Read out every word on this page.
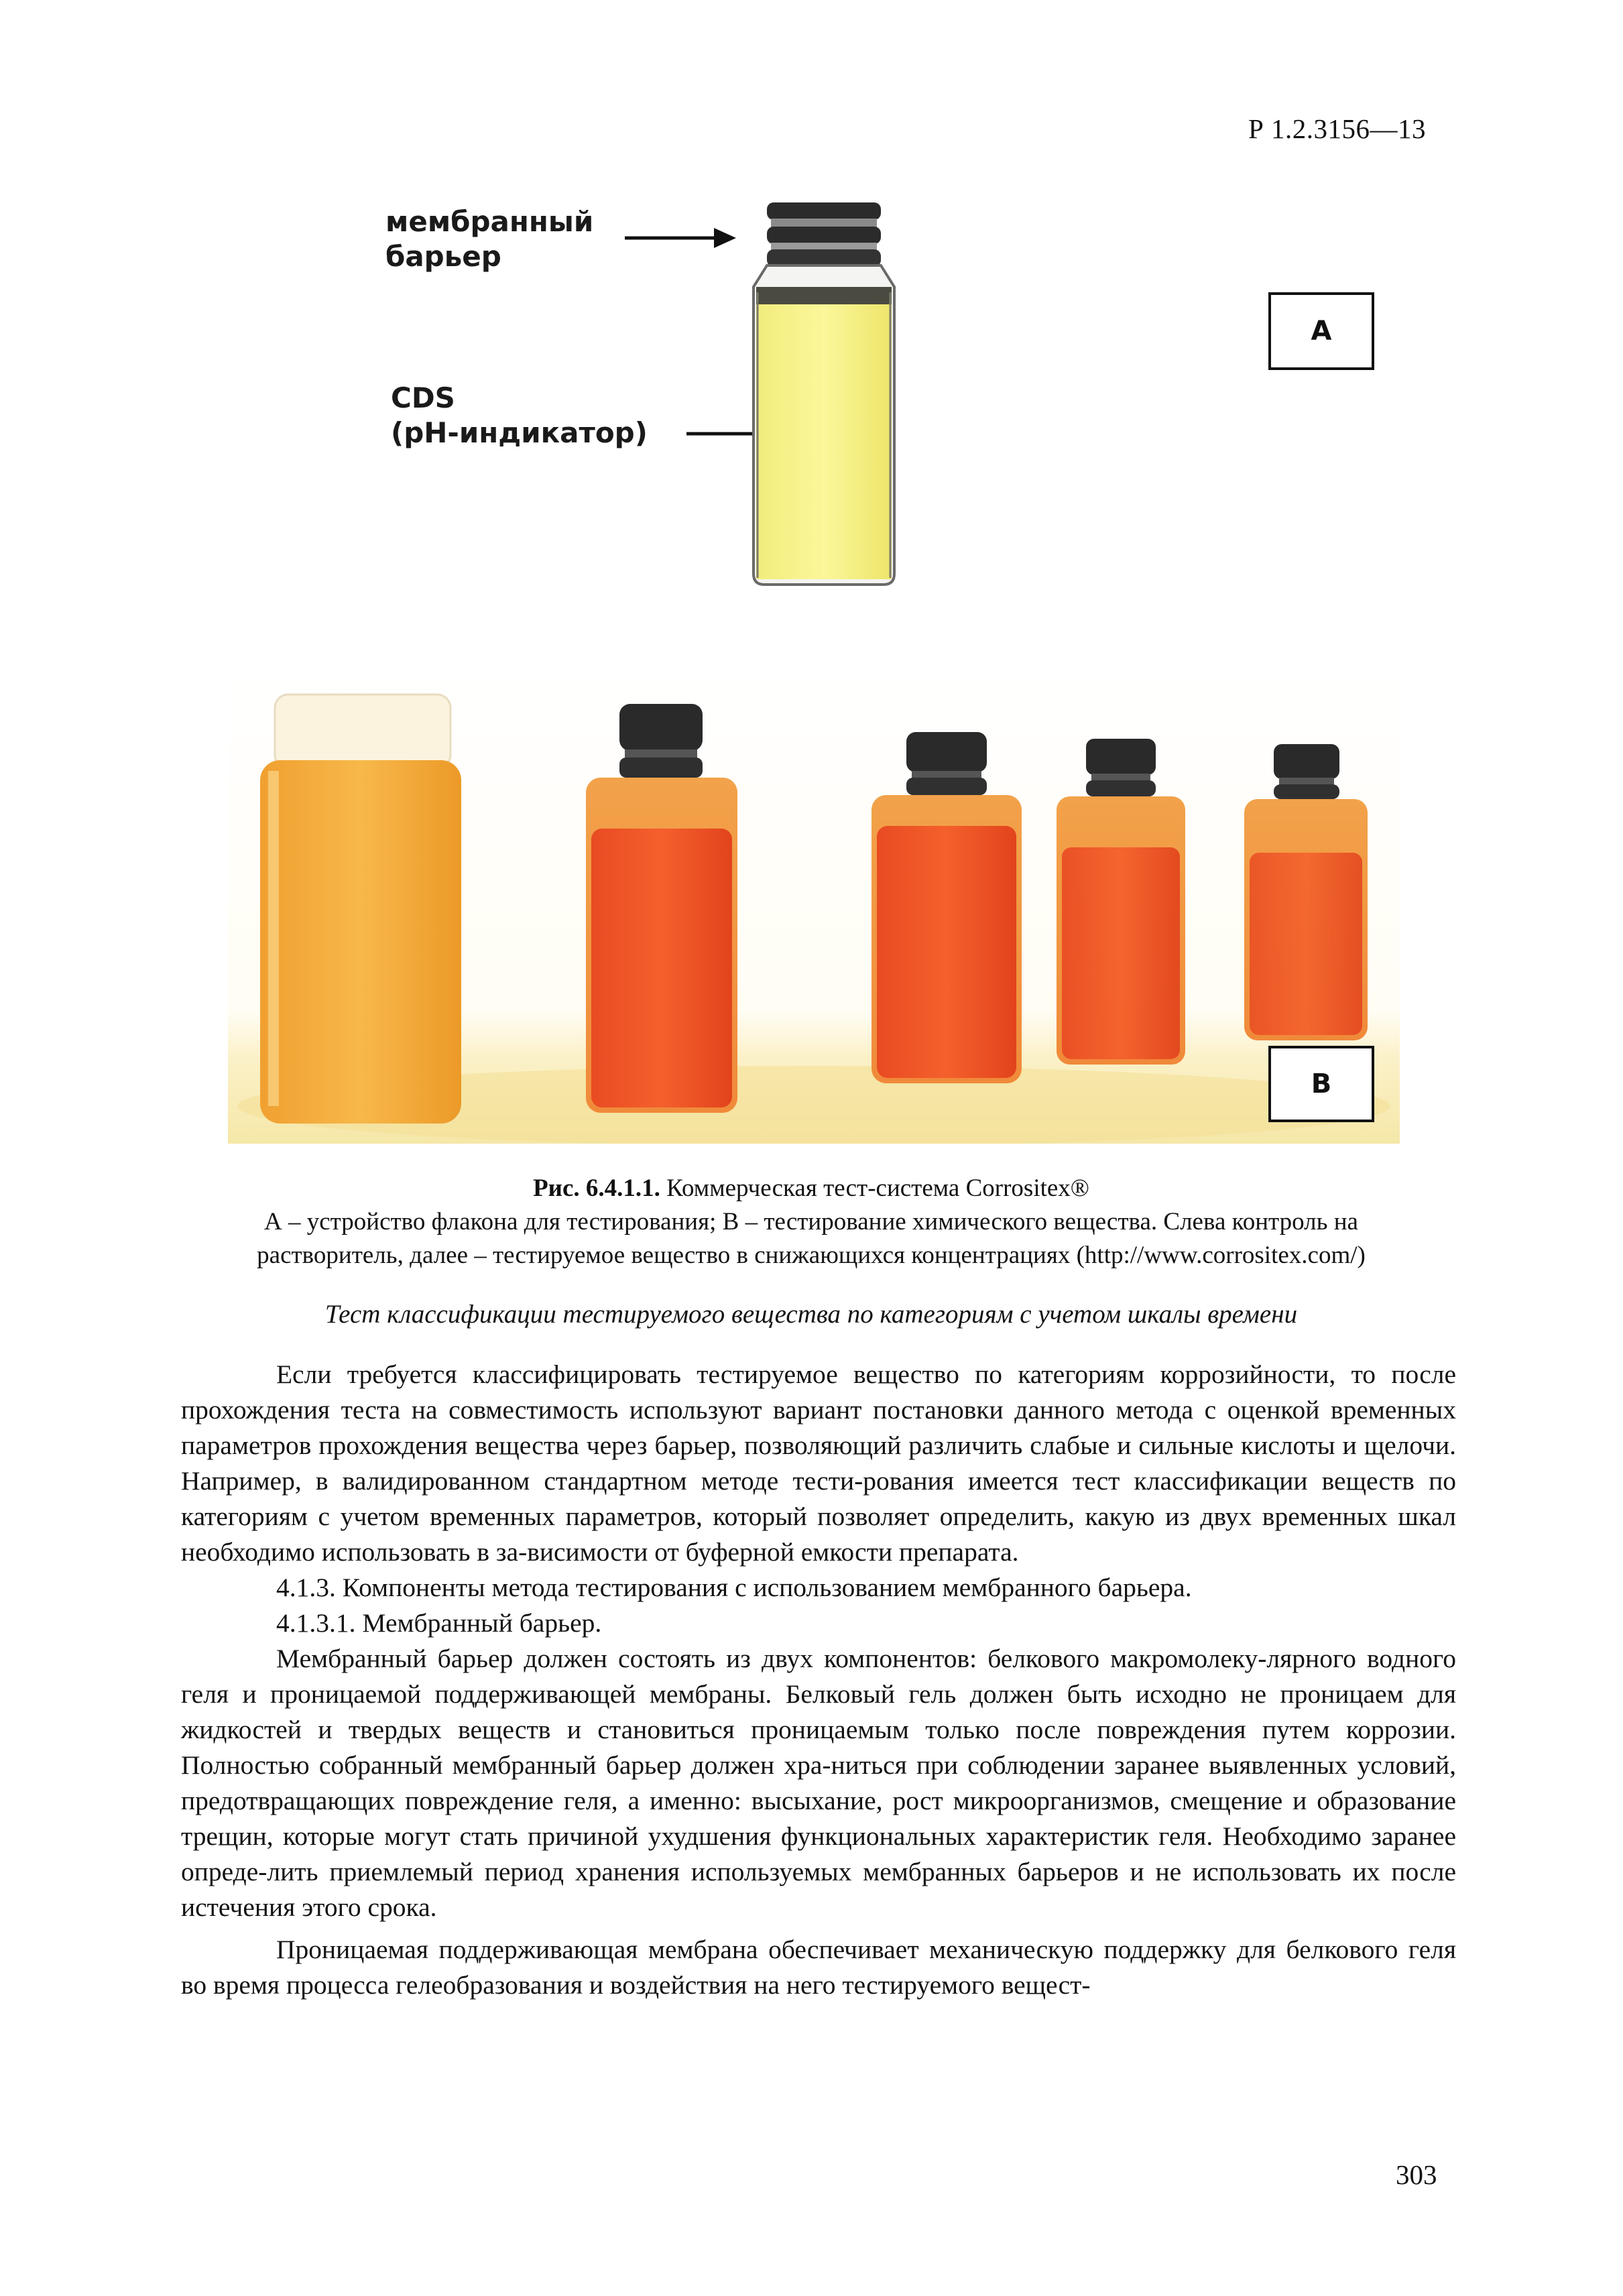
Р 1.2.3156—13
мембранный
барьер
CDS
(рН-индикатор)
A
B
Рис. 6.4.1.1. Коммерческая тест-система Corrositex®
А – устройство флакона для тестирования; В – тестирование химического вещества. Слева контроль на
растворитель, далее – тестируемое вещество в снижающихся концентрациях (http://www.corrositex.com/)
Тест классификации тестируемого вещества по категориям с учетом шкалы времени

Если требуется классифицировать тестируемое вещество по категориям коррозийности, то после прохождения теста на совместимость используют вариант постановки данного метода с оценкой временных параметров прохождения вещества через барьер, позволяющий различить слабые и сильные кислоты и щелочи. Например, в валидированном стандартном методе тести-рования имеется тест классификации веществ по категориям с учетом временных параметров, который позволяет определить, какую из двух временных шкал необходимо использовать в за-висимости от буферной емкости препарата.

4.1.3. Компоненты метода тестирования с использованием мембранного барьера.

4.1.3.1. Мембранный барьер.

Мембранный барьер должен состоять из двух компонентов: белкового макромолеку-лярного водного геля и проницаемой поддерживающей мембраны. Белковый гель должен быть исходно не проницаем для жидкостей и твердых веществ и становиться проницаемым только после повреждения путем коррозии. Полностью собранный мембранный барьер должен хра-ниться при соблюдении заранее выявленных условий, предотвращающих повреждение геля, а именно: высыхание, рост микроорганизмов, смещение и образование трещин, которые могут стать причиной ухудшения функциональных характеристик геля. Необходимо заранее опреде-лить приемлемый период хранения используемых мембранных барьеров и не использовать их после истечения этого срока.

Проницаемая поддерживающая мембрана обеспечивает механическую поддержку для белкового геля во время процесса гелеобразования и воздействия на него тестируемого вещест-

303
